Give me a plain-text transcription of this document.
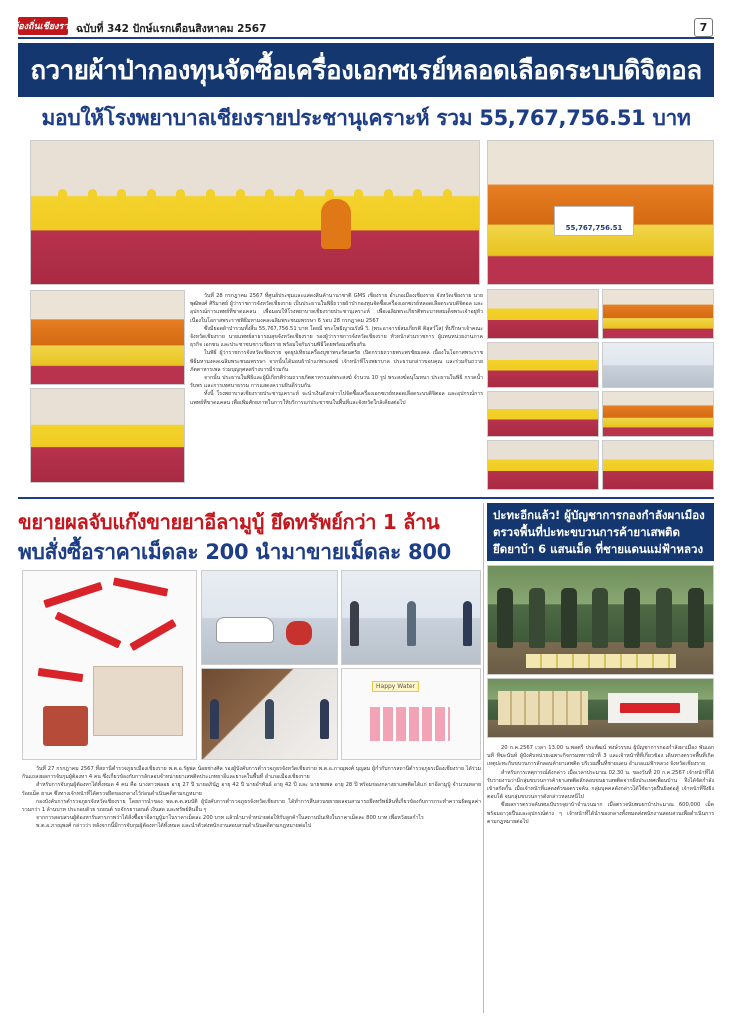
ท้องถิ่นเชียงราย ฉบับที่ 342 ปักษ์แรกเดือนสิงหาคม 2567	7
ถวายผ้าป่ากองทุนจัดซื้อเครื่องเอกซเรย์หลอดเลือดระบบดิจิตอล
มอบให้โรงพยาบาลเชียงรายประชานุเคราะห์ รวม 55,767,756.51 บาท
55,767,756.51

วันที่ 28 กรกฎาคม 2567 ที่ศูนย์ประชุมและแสดงสินค้านานาชาติ GMS เชียงราย อำเภอเมืองเชียงราย จังหวัดเชียงราย นายพุฒิพงศ์ ศิริมาตย์ ผู้ว่าราชการจังหวัดเชียงราย เป็นประธานในพิธีถวายผ้าป่ากองทุนจัดซื้อเครื่องเอกซเรย์หลอดเลือดระบบดิจิตอล และอุปกรณ์การแพทย์ที่ขาดแคลน เพื่อมอบให้โรงพยาบาลเชียงรายประชานุเคราะห์ เพื่อเฉลิมพระเกียรติพระบาทสมเด็จพระเจ้าอยู่หัว เนื่องในโอกาสพระราชพิธีมหามงคลเฉลิมพระชนมพรรษา 6 รอบ 28 กรกฎาคม 2567

ซึ่งมียอดผ้าป่ารวมทั้งสิ้น 55,767,756.51 บาท โดยมี พระโพธิญาณรังษี วิ. (พระอาจารย์สมเกียรติ ติสฺสวํโส) ที่ปรึกษาเจ้าคณะจังหวัดเชียงราย นายแพทย์สาธารณสุขจังหวัดเชียงราย รองผู้ว่าราชการจังหวัดเชียงราย หัวหน้าส่วนราชการ ผู้แทนหน่วยงานภาคธุรกิจ เอกชน และประชาชนชาวเชียงราย พร้อมใจกันร่วมพิธีโดยพร้อมเพรียงกัน

ในพิธี ผู้ว่าราชการจังหวัดเชียงราย จุดธูปเทียนเครื่องบูชาพระรัตนตรัย เปิดกรวยถวายพระพรชัยมงคล เนื่องในโอกาสพระราชพิธีมหามงคลเฉลิมพระชนมพรรษา จากนั้นได้มอบผ้าป่าแก่พระสงฆ์ เจ้าหน้าที่โรงพยาบาล ประธานกล่าวขอบคุณ และร่วมกันถวายภัตตาหารเพล ร่วมบุญกุศลสร้างบารมีร่วมกัน

จากนั้น ประธานในพิธีและผู้มีเกียรติร่วมถวายภัตตาหารแด่พระสงฆ์ จำนวน 10 รูป พระสงฆ์อนุโมทนา ประธานในพิธี กรวดน้ำ รับพร และการเทศนาธรรม การแสดงความยินดีร่วมกัน

ทั้งนี้ โรงพยาบาลเชียงรายประชานุเคราะห์ จะนำเงินดังกล่าวไปจัดซื้อเครื่องเอกซเรย์หลอดเลือดระบบดิจิตอล และอุปกรณ์การแพทย์ที่ขาดแคลน เพื่อเพิ่มศักยภาพในการให้บริการแก่ประชาชนในพื้นที่และจังหวัดใกล้เคียงต่อไป

ขยายผลจับแก๊งขายยาอีลามูบู้ ยึดทรัพย์กว่า 1 ล้าน
พบสั่งซื้อราคาเม็ดละ 200 นำมาขายเม็ดละ 800
Happy Water

วันที่ 27 กรกฎาคม 2567 ที่สถานีตำรวจภูธรเมืองเชียงราย พ.ต.อ.รัฐพล น้อยช่างศิล รองผู้บังคับการตำรวจภูธรจังหวัดเชียงราย พ.ต.อ.ภาณุพงศ์ บุญสม ผู้กำกับการสถานีตำรวจภูธรเมืองเชียงราย ได้ร่วมกันแถลงผลการจับกุมผู้ต้องหา 4 คน ซึ่งเกี่ยวข้องกับการลักลอบจำหน่ายยาเสพติดประเภทยาอีและยาเคในพื้นที่ อำเภอเมืองเชียงราย

สำหรับการจับกุมผู้ต้องหาได้ทั้งหมด 4 คน คือ นางสาวพลอย อายุ 27 ปี นายอภินัฏ อายุ 42 ปี นายอำพันธ์ อายุ 42 ปี และ นายชยพล อายุ 28 ปี พร้อมของกลางยาเสพติดได้แก่ ยาอีลามูบู้ จำนวนหลายร้อยเม็ด ยาเค ซึ่งทางเจ้าหน้าที่ได้ตรวจยึดของกลางไว้ก่อนดำเนินคดีตามกฎหมาย

กองบังคับการตำรวจภูธรจังหวัดเชียงราย โดยการนำของ พล.ต.ต.สมบัติ ผู้บังคับการตำรวจภูธรจังหวัดเชียงราย ได้ทำการสืบสวนขยายผลจนสามารถยึดทรัพย์สินที่เกี่ยวข้องกับการกระทำความผิดมูลค่ารวมกว่า 1 ล้านบาท ประกอบด้วย รถยนต์ รถจักรยานยนต์ เงินสด และทรัพย์สินอื่น ๆ

จากการสอบสวนผู้ต้องหารับสารภาพว่าได้สั่งซื้อยาอีลามูบู้มาในราคาเม็ดละ 200 บาท แล้วนำมาจำหน่ายต่อให้กับลูกค้าในสถานบันเทิงในราคาเม็ดละ 800 บาท เพื่อหวังผลกำไร

พ.ต.อ.ภาณุพงศ์ กล่าวว่า หลังจากนี้มีการจับกุมผู้ต้องหาได้ทั้งหมด และนำตัวส่งพนักงานสอบสวนดำเนินคดีตามกฎหมายต่อไป

ปะทะอีกแล้ว! ผู้บัญชาการกองกำลังผาเมือง
ตรวจพื้นที่ปะทะขบวนการค้ายาเสพติด
ยึดยาบ้า 6 แสนเม็ด ที่ชายแดนแม่ฟ้าหลวง

20 ก.ค.2567 เวลา 13.00 น.พลตรี ประพัฒน์ พงษ์วรรณ ผู้บัญชาการกองกำลังผาเมือง พันเอก นที ทีฆะนันท์ ผู้บังคับหน่วยเฉพาะกิจกรมทหารม้าที่ 3 และเจ้าหน้าที่ที่เกี่ยวข้อง เดินทางตรวจพื้นที่เกิดเหตุปะทะกับขบวนการลักลอบค้ายาเสพติด บริเวณพื้นที่ชายแดน อำเภอแม่ฟ้าหลวง จังหวัดเชียงราย

สำหรับการเหตุการณ์ดังกล่าว เมื่อเวลาประมาณ 02.30 น. ของวันที่ 20 ก.ค.2567 เจ้าหน้าที่ได้รับรายงานว่ามีกลุ่มขบวนการค้ายาเสพติดลักลอบขนยาเสพติดจากฝั่งประเทศเพื่อนบ้าน จึงได้จัดกำลังเข้าสกัดกั้น เมื่อเจ้าหน้าที่แสดงตัวขอตรวจค้น กลุ่มบุคคลดังกล่าวได้ใช้อาวุธปืนยิงต่อสู้ เจ้าหน้าที่จึงยิงตอบโต้ จนกลุ่มขบวนการดังกล่าวหลบหนีไป

ซึ่งผลการตรวจค้นพบเป้บรรจุยาบ้าจำนวนมาก เมื่อตรวจนับพบยาบ้าประมาณ 600,000 เม็ด พร้อมอาวุธปืนและอุปกรณ์ต่าง ๆ เจ้าหน้าที่ได้นำของกลางทั้งหมดส่งพนักงานสอบสวนเพื่อดำเนินการตามกฎหมายต่อไป
